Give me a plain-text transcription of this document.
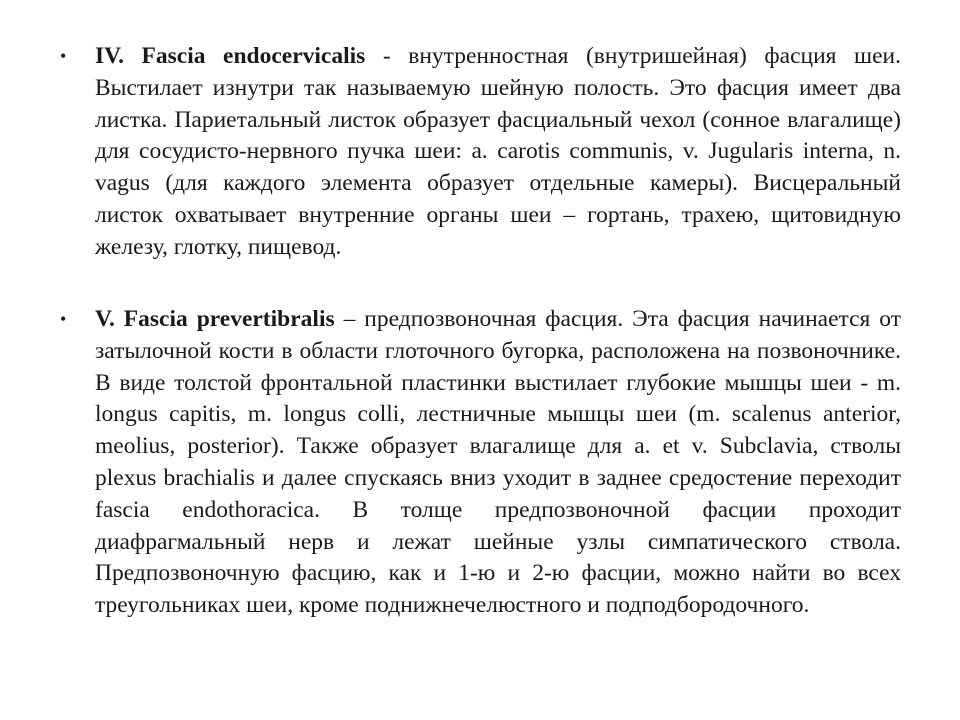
•	IV. Fascia endocervicalis - внутренностная (внутришейная) фасция шеи. Выстилает изнутри так называемую шейную полость. Это фасция имеет два листка. Париетальный листок образует фасциальный чехол (сонное влагалище) для сосудисто-нервного пучка шеи: a. carotis communis, v. Jugularis interna, n. vagus (для каждого элемента образует отдельные камеры). Висцеральный листок охватывает внутренние органы шеи – гортань, трахею, щитовидную железу, глотку, пищевод.
•	V. Fascia prevertibralis – предпозвоночная фасция. Эта фасция начинается от затылочной кости в области глоточного бугорка, расположена на позвоночнике. В виде толстой фронтальной пластинки выстилает глубокие мышцы шеи - m. longus capitis, m. longus colli, лестничные мышцы шеи (m. scalenus anterior, meolius, posterior). Также образует влагалище для a. et v. Subclavia, стволы plexus brachialis и далее спускаясь вниз уходит в заднее средостение переходит fascia endothoracica. В толще предпозвоночной фасции проходит диафрагмальный нерв и лежат шейные узлы симпатического ствола. Предпозвоночную фасцию, как и 1-ю и 2-ю фасции, можно найти во всех треугольниках шеи, кроме поднижнечелюстного и подподбородочного.
